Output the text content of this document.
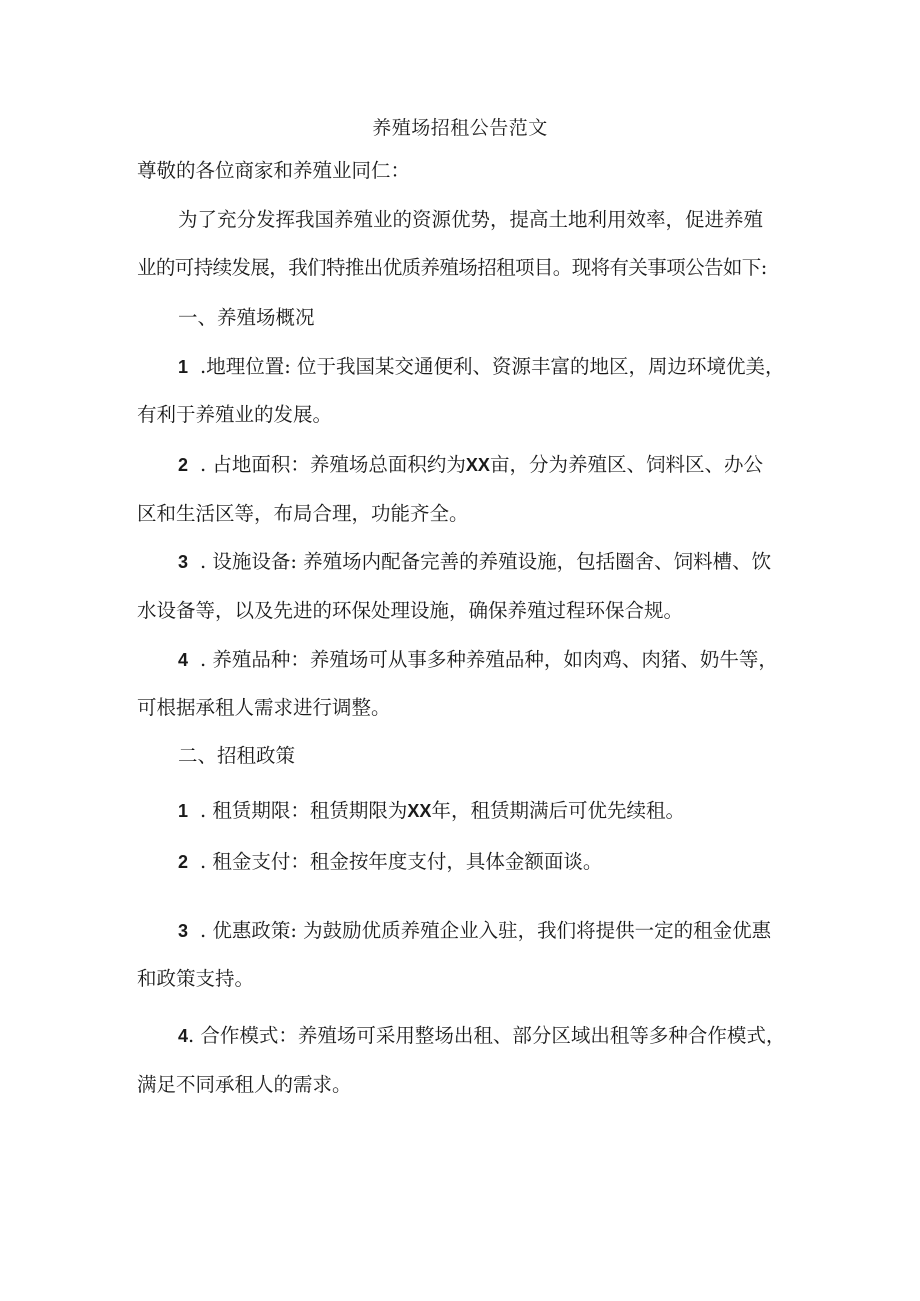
养殖场招租公告范文
尊敬的各位商家和养殖业同仁：
为了充分发挥我国养殖业的资源优势，提高土地利用效率，促进养殖
业的可持续发展，我们特推出优质养殖场招租项目。现将有关事项公告如下:
一、养殖场概况
1 .地理位置: 位于我国某交通便利、资源丰富的地区，周边环境优美，
有利于养殖业的发展。
2 . 占地面积：养殖场总面积约为XX亩，分为养殖区、饲料区、办公
区和生活区等，布局合理，功能齐全。
3 . 设施设备: 养殖场内配备完善的养殖设施，包括圈舍、饲料槽、饮
水设备等，以及先进的环保处理设施，确保养殖过程环保合规。
4 . 养殖品种：养殖场可从事多种养殖品种，如肉鸡、肉猪、奶牛等，
可根据承租人需求进行调整。
二、招租政策
1 . 租赁期限：租赁期限为XX年，租赁期满后可优先续租。
2 . 租金支付：租金按年度支付，具体金额面谈。
3 . 优惠政策: 为鼓励优质养殖企业入驻，我们将提供一定的租金优惠
和政策支持。
4. 合作模式：养殖场可采用整场出租、部分区域出租等多种合作模式，
满足不同承租人的需求。
